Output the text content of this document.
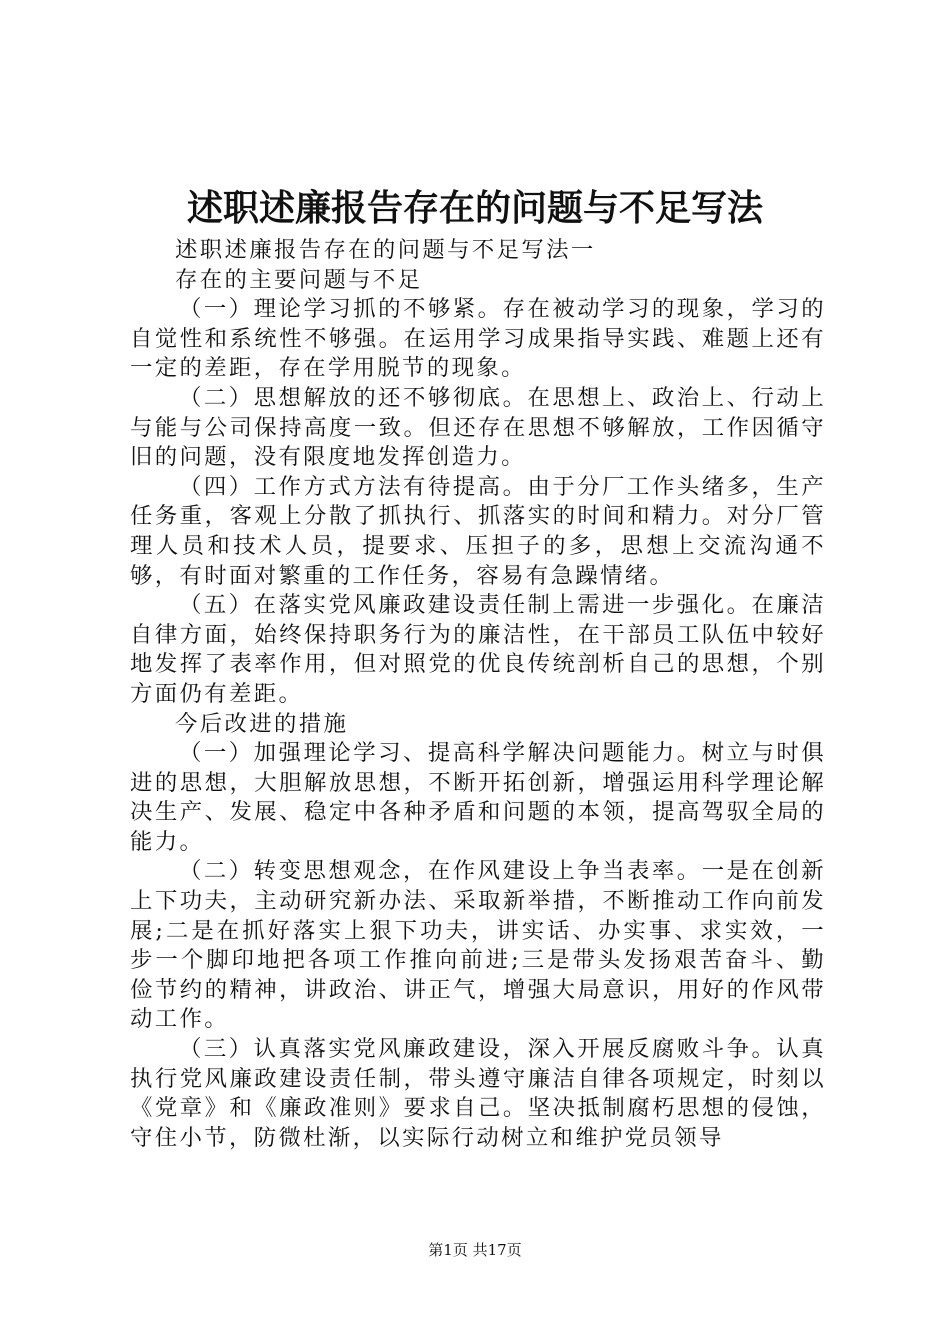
述职述廉报告存在的问题与不足写法

述职述廉报告存在的问题与不足写法一

存在的主要问题与不足

（一）理论学习抓的不够紧。存在被动学习的现象，学习的自觉性和系统性不够强。在运用学习成果指导实践、难题上还有一定的差距，存在学用脱节的现象。

（二）思想解放的还不够彻底。在思想上、政治上、行动上与能与公司保持高度一致。但还存在思想不够解放，工作因循守旧的问题，没有限度地发挥创造力。

（四）工作方式方法有待提高。由于分厂工作头绪多，生产任务重，客观上分散了抓执行、抓落实的时间和精力。对分厂管理人员和技术人员，提要求、压担子的多，思想上交流沟通不够，有时面对繁重的工作任务，容易有急躁情绪。

（五）在落实党风廉政建设责任制上需进一步强化。在廉洁自律方面，始终保持职务行为的廉洁性，在干部员工队伍中较好地发挥了表率作用，但对照党的优良传统剖析自己的思想，个别方面仍有差距。

今后改进的措施

（一）加强理论学习、提高科学解决问题能力。树立与时俱进的思想，大胆解放思想，不断开拓创新，增强运用科学理论解决生产、发展、稳定中各种矛盾和问题的本领，提高驾驭全局的能力。

（二）转变思想观念，在作风建设上争当表率。一是在创新上下功夫，主动研究新办法、采取新举措，不断推动工作向前发展;二是在抓好落实上狠下功夫，讲实话、办实事、求实效，一步一个脚印地把各项工作推向前进;三是带头发扬艰苦奋斗、勤俭节约的精神，讲政治、讲正气，增强大局意识，用好的作风带动工作。

（三）认真落实党风廉政建设，深入开展反腐败斗争。认真执行党风廉政建设责任制，带头遵守廉洁自律各项规定，时刻以《党章》和《廉政准则》要求自己。坚决抵制腐朽思想的侵蚀，守住小节，防微杜渐，以实际行动树立和维护党员领导

第1页 共17页
